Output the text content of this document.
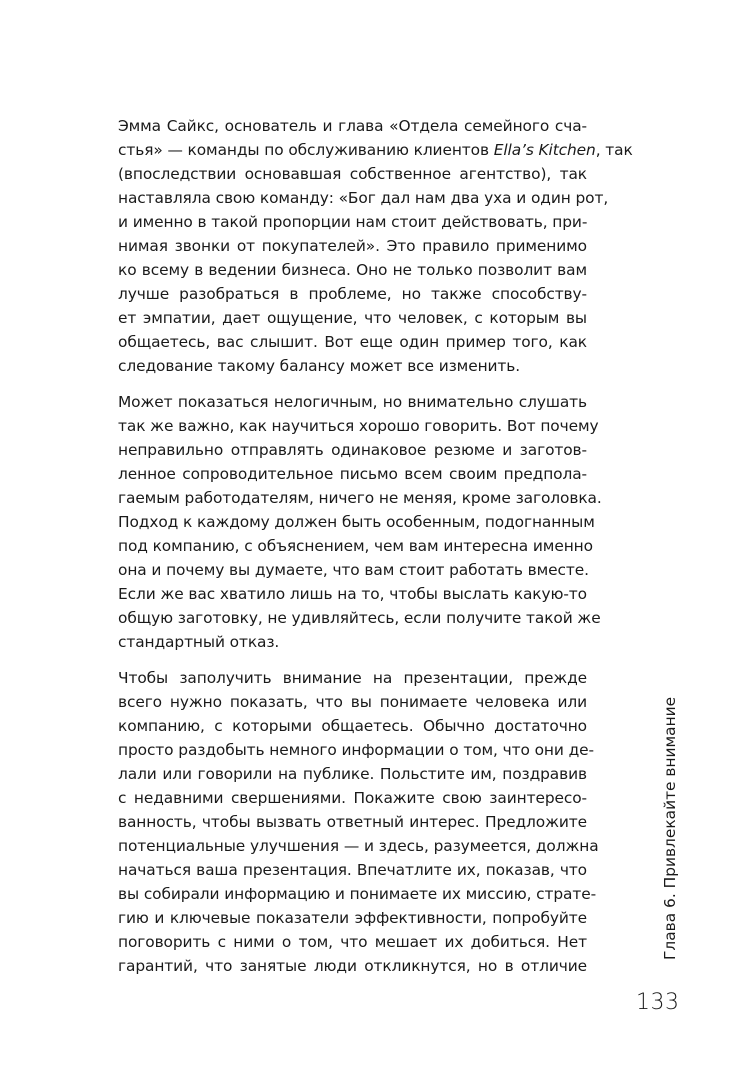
Эмма Сайкс, основатель и глава «Отдела семейного сча-
стья» — команды по обслуживанию клиентов Ella’s Kitchen, так
(впоследствии основавшая собственное агентство), так
наставляла свою команду: «Бог дал нам два уха и один рот,
и именно в такой пропорции нам стоит действовать, при-
нимая звонки от покупателей». Это правило применимо
ко всему в ведении бизнеса. Оно не только позволит вам
лучше разобраться в проблеме, но также способству-
ет эмпатии, дает ощущение, что человек, с которым вы
общаетесь, вас слышит. Вот еще один пример того, как
следование такому балансу может все изменить.
Может показаться нелогичным, но внимательно слушать
так же важно, как научиться хорошо говорить. Вот почему
неправильно отправлять одинаковое резюме и заготов-
ленное сопроводительное письмо всем своим предпола-
гаемым работодателям, ничего не меняя, кроме заголовка.
Подход к каждому должен быть особенным, подогнанным
под компанию, с объяснением, чем вам интересна именно
она и почему вы думаете, что вам стоит работать вместе.
Если же вас хватило лишь на то, чтобы выслать какую-то
общую заготовку, не удивляйтесь, если получите такой же
стандартный отказ.
Чтобы заполучить внимание на презентации, прежде
всего нужно показать, что вы понимаете человека или
компанию, с которыми общаетесь. Обычно достаточно
просто раздобыть немного информации о том, что они де-
лали или говорили на публике. Польстите им, поздравив
с недавними свершениями. Покажите свою заинтересо-
ванность, чтобы вызвать ответный интерес. Предложите
потенциальные улучшения — и здесь, разумеется, должна
начаться ваша презентация. Впечатлите их, показав, что
вы собирали информацию и понимаете их миссию, страте-
гию и ключевые показатели эффективности, попробуйте
поговорить с ними о том, что мешает их добиться. Нет
гарантий, что занятые люди откликнутся, но в отличие
Глава 6. Привлекайте внимание
133
